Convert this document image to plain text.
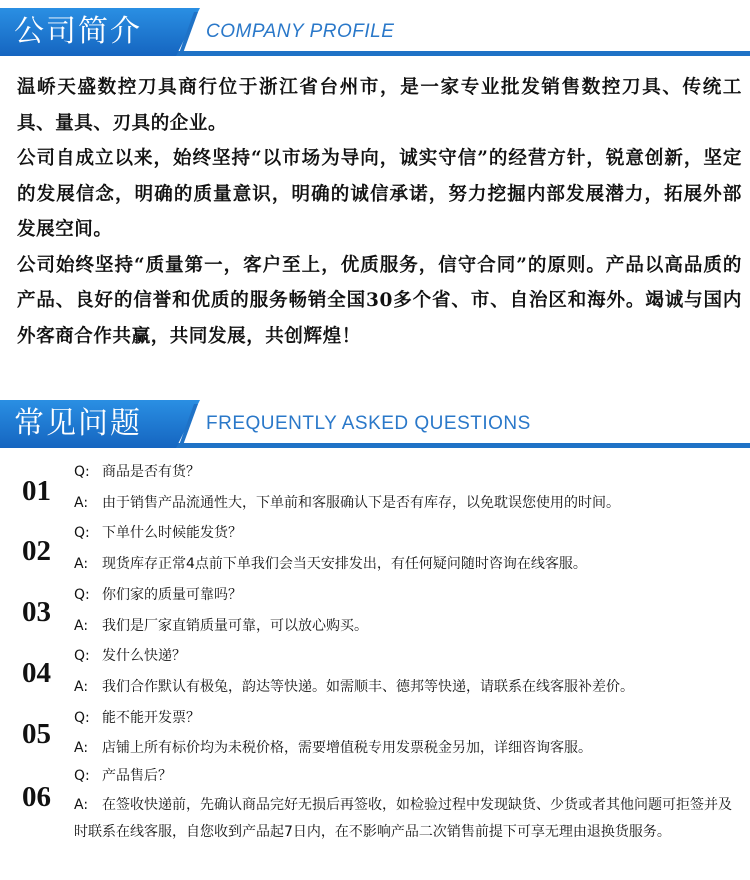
公司简介	COMPANY PROFILE

温峤天盛数控刀具商行位于浙江省台州市，是一家专业批发销售数控刀具、传统工具、量具、刃具的企业。

公司自成立以来，始终坚持“以市场为导向，诚实守信”的经营方针，锐意创新，坚定的发展信念，明确的质量意识，明确的诚信承诺，努力挖掘内部发展潜力，拓展外部发展空间。

公司始终坚持“质量第一，客户至上，优质服务，信守合同”的原则。产品以高品质的产品、良好的信誉和优质的服务畅销全国30多个省、市、自治区和海外。竭诚与国内外客商合作共赢，共同发展，共创辉煌！

常见问题	FREQUENTLY ASKED QUESTIONS
01
Q: 商品是否有货？
A: 由于销售产品流通性大，下单前和客服确认下是否有库存，以免耽误您使用的时间。
02
Q: 下单什么时候能发货？
A: 现货库存正常4点前下单我们会当天安排发出，有任何疑问随时咨询在线客服。
03
Q: 你们家的质量可靠吗？
A: 我们是厂家直销质量可靠，可以放心购买。
04
Q: 发什么快递？
A: 我们合作默认有极兔，韵达等快递。如需顺丰、德邦等快递，请联系在线客服补差价。
05 Q: 能不能开发票？
A: 店铺上所有标价均为未税价格，需要增值税专用发票税金另加，详细咨询客服。
06
Q: 产品售后？
A: 在签收快递前，先确认商品完好无损后再签收，如检验过程中发现缺货、少货或者其他问题可拒签并及时联系在线客服，自您收到产品起7日内，在不影响产品二次销售前提下可享无理由退换货服务。
